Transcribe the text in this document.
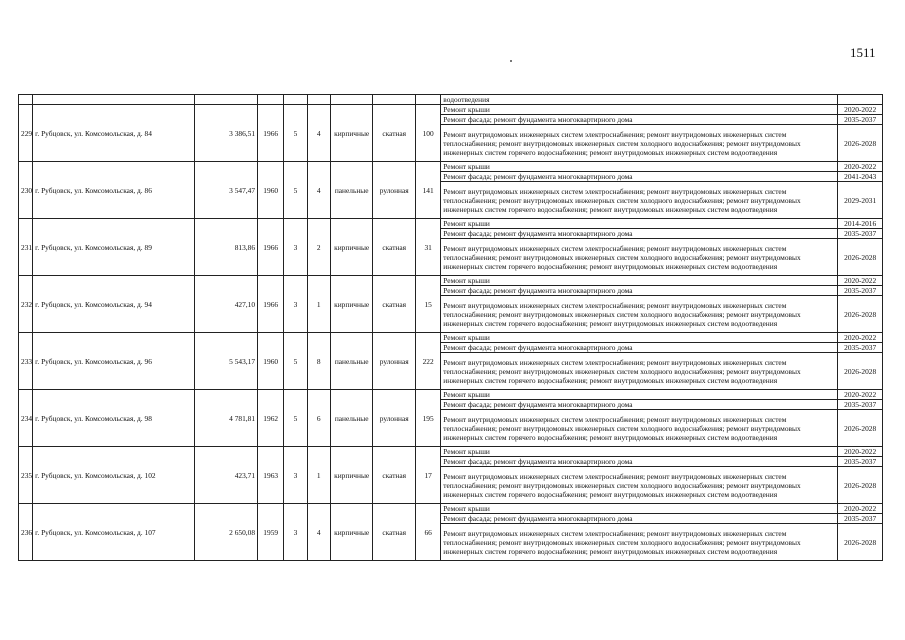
1511
									водоотведения	
229	г. Рубцовск, ул. Комсомольская, д. 84	3 386,51	1966	5	4	кирпичные	скатная	100	Ремонт крыши	2020-2022
									Ремонт фасада; ремонт фундамента многоквартирного дома	2035-2037
									Ремонт внутридомовых инженерных систем электроснабжения; ремонт внутридомовых инженерных систем теплоснабжения; ремонт внутридомовых инженерных систем холодного водоснабжения; ремонт внутридомовых инженерных систем горячего водоснабжения; ремонт внутридомовых инженерных систем водоотведения	2026-2028
230	г. Рубцовск, ул. Комсомольская, д. 86	3 547,47	1960	5	4	панельные	рулонная	141	Ремонт крыши	2020-2022
									Ремонт фасада; ремонт фундамента многоквартирного дома	2041-2043
									Ремонт внутридомовых инженерных систем электроснабжения; ремонт внутридомовых инженерных систем теплоснабжения; ремонт внутридомовых инженерных систем холодного водоснабжения; ремонт внутридомовых инженерных систем горячего водоснабжения; ремонт внутридомовых инженерных систем водоотведения	2029-2031
231	г. Рубцовск, ул. Комсомольская, д. 89	813,86	1966	3	2	кирпичные	скатная	31	Ремонт крыши	2014-2016
									Ремонт фасада; ремонт фундамента многоквартирного дома	2035-2037
									Ремонт внутридомовых инженерных систем электроснабжения; ремонт внутридомовых инженерных систем теплоснабжения; ремонт внутридомовых инженерных систем холодного водоснабжения; ремонт внутридомовых инженерных систем горячего водоснабжения; ремонт внутридомовых инженерных систем водоотведения	2026-2028
232	г. Рубцовск, ул. Комсомольская, д. 94	427,10	1966	3	1	кирпичные	скатная	15	Ремонт крыши	2020-2022
									Ремонт фасада; ремонт фундамента многоквартирного дома	2035-2037
									Ремонт внутридомовых инженерных систем электроснабжения; ремонт внутридомовых инженерных систем теплоснабжения; ремонт внутридомовых инженерных систем холодного водоснабжения; ремонт внутридомовых инженерных систем горячего водоснабжения; ремонт внутридомовых инженерных систем водоотведения	2026-2028
233	г. Рубцовск, ул. Комсомольская, д. 96	5 543,17	1960	5	8	панельные	рулонная	222	Ремонт крыши	2020-2022
									Ремонт фасада; ремонт фундамента многоквартирного дома	2035-2037
									Ремонт внутридомовых инженерных систем электроснабжения; ремонт внутридомовых инженерных систем теплоснабжения; ремонт внутридомовых инженерных систем холодного водоснабжения; ремонт внутридомовых инженерных систем горячего водоснабжения; ремонт внутридомовых инженерных систем водоотведения	2026-2028
234	г. Рубцовск, ул. Комсомольская, д. 98	4 781,81	1962	5	6	панельные	рулонная	195	Ремонт крыши	2020-2022
									Ремонт фасада; ремонт фундамента многоквартирного дома	2035-2037
									Ремонт внутридомовых инженерных систем электроснабжения; ремонт внутридомовых инженерных систем теплоснабжения; ремонт внутридомовых инженерных систем холодного водоснабжения; ремонт внутридомовых инженерных систем горячего водоснабжения; ремонт внутридомовых инженерных систем водоотведения	2026-2028
235	г. Рубцовск, ул. Комсомольская, д. 102	423,71	1963	3	1	кирпичные	скатная	17	Ремонт крыши	2020-2022
									Ремонт фасада; ремонт фундамента многоквартирного дома	2035-2037
									Ремонт внутридомовых инженерных систем электроснабжения; ремонт внутридомовых инженерных систем теплоснабжения; ремонт внутридомовых инженерных систем холодного водоснабжения; ремонт внутридомовых инженерных систем горячего водоснабжения; ремонт внутридомовых инженерных систем водоотведения	2026-2028
236	г. Рубцовск, ул. Комсомольская, д. 107	2 650,08	1959	3	4	кирпичные	скатная	66	Ремонт крыши	2020-2022
									Ремонт фасада; ремонт фундамента многоквартирного дома	2035-2037
									Ремонт внутридомовых инженерных систем электроснабжения; ремонт внутридомовых инженерных систем теплоснабжения; ремонт внутридомовых инженерных систем холодного водоснабжения; ремонт внутридомовых инженерных систем горячего водоснабжения; ремонт внутридомовых инженерных систем водоотведения	2026-2028
